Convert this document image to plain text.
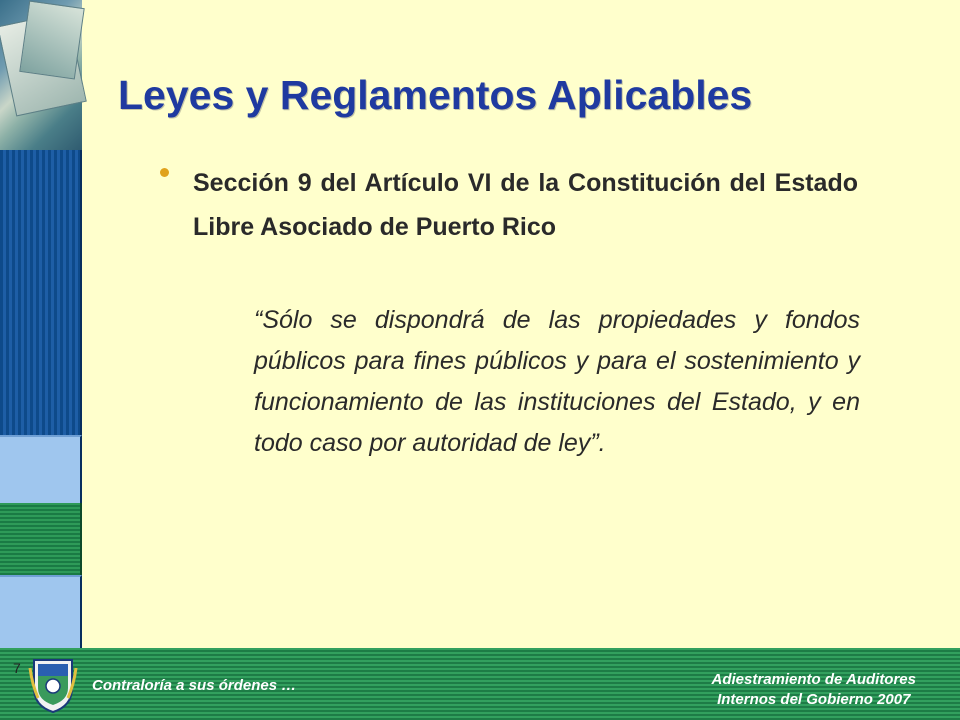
Leyes y Reglamentos Aplicables
Sección 9 del Artículo VI de la Constitución del Estado Libre Asociado de Puerto Rico
“Sólo se dispondrá de las propiedades y fondos públicos para fines públicos y para el sostenimiento y funcionamiento de las instituciones del Estado, y en todo caso por autoridad de ley”.
7
Contraloría a sus órdenes …	Adiestramiento de Auditores
Internos del Gobierno 2007
